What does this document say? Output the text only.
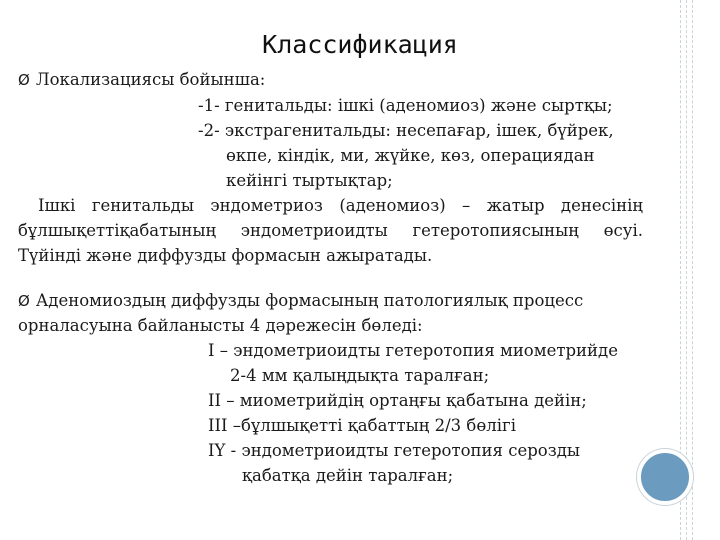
Классификация
Ø Локализациясы бойынша:
-1- генитальды: ішкі (аденомиоз) және сыртқы;
-2- экстрагенитальды: несепағар, ішек, бүйрек,
өкпе, кіндік, ми, жүйке, көз, операциядан
кейінгі тыртықтар;
Ішкі генитальды эндометриоз (аденомиоз) – жатыр денесінің
бұлшықеттіқабатының эндометриоидты гетеротопиясының өсуі.
Түйінді және диффузды формасын ажыратады.
Ø Аденомиоздың диффузды формасының патологиялық процесс
орналасуына байланысты 4 дәрежесін бөледі:
I – эндометриоидты гетеротопия миометрийде
2-4 мм қалыңдықта таралған;
II – миометрийдің ортаңғы қабатына дейін;
III –бұлшықетті қабаттың 2/3 бөлігі
IY - эндометриоидты гетеротопия серозды
қабатқа дейін таралған;
